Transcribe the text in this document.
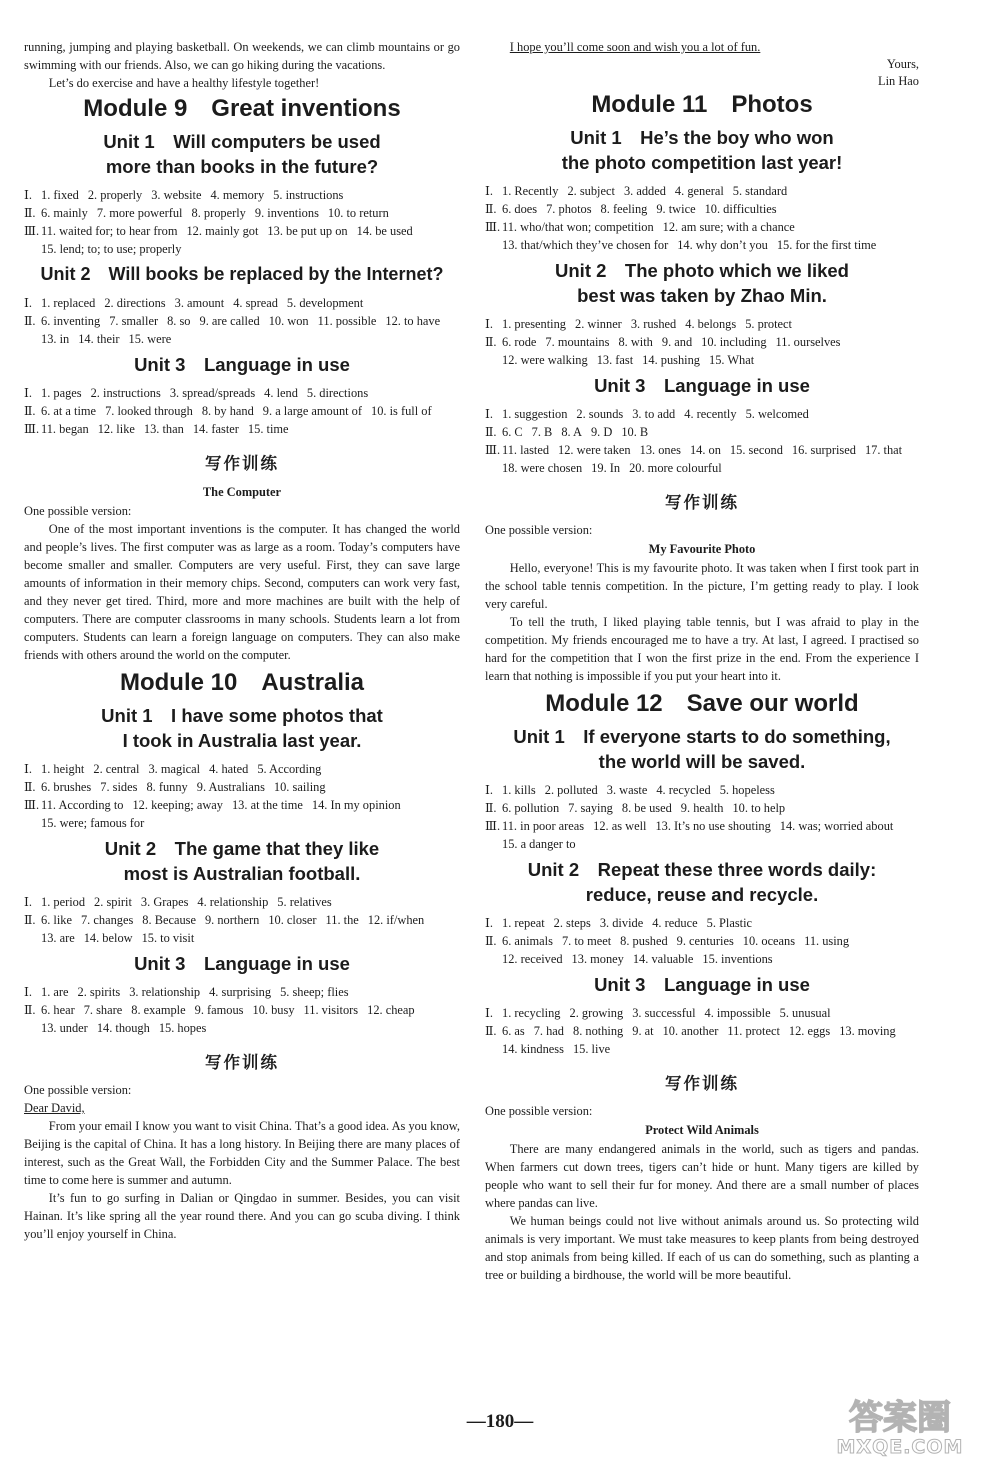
running, jumping and playing basketball. On weekends, we can climb mountains or go swimming with our friends. Also, we can go hiking during the vacations.

Let’s do exercise and have a healthy lifestyle together!

Module 9　Great inventions
Unit 1　Will computers be used
more than books in the future?
Ⅰ. 1. fixed 2. properly 3. website 4. memory 5. instructions
Ⅱ. 6. mainly 7. more powerful 8. properly 9. inventions 10. to return
Ⅲ. 11. waited for; to hear from 12. mainly got 13. be put up on 14. be used15. lend; to; to use; properly
Unit 2　Will books be replaced by the Internet?
Ⅰ. 1. replaced 2. directions 3. amount 4. spread 5. development
Ⅱ. 6. inventing 7. smaller 8. so 9. are called 10. won 11. possible 12. to have13. in 14. their 15. were
Unit 3　Language in use
Ⅰ. 1. pages 2. instructions 3. spread/spreads 4. lend 5. directions
Ⅱ. 6. at a time 7. looked through 8. by hand 9. a large amount of 10. is full of
Ⅲ. 11. began 12. like 13. than 14. faster 15. time
写作训练
The Computer

One possible version:

One of the most important inventions is the computer. It has changed the world and people’s lives. The first computer was as large as a room. Today’s computers have become smaller and smaller. Computers are very useful. First, they can save large amounts of information in their memory chips. Second, computers can work very fast, and they never get tired. Third, more and more machines are built with the help of computers. There are computer classrooms in many schools. Students learn a lot from computers. Students can learn a foreign language on computers. They can also make friends with others around the world on the computer.

Module 10　Australia
Unit 1　I have some photos that
I took in Australia last year.
Ⅰ. 1. height 2. central 3. magical 4. hated 5. According
Ⅱ. 6. brushes 7. sides 8. funny 9. Australians 10. sailing
Ⅲ. 11. According to 12. keeping; away 13. at the time 14. In my opinion15. were; famous for
Unit 2　The game that they like
most is Australian football.
Ⅰ. 1. period 2. spirit 3. Grapes 4. relationship 5. relatives
Ⅱ. 6. like 7. changes 8. Because 9. northern 10. closer 11. the 12. if/when13. are 14. below 15. to visit
Unit 3　Language in use
Ⅰ. 1. are 2. spirits 3. relationship 4. surprising 5. sheep; flies
Ⅱ. 6. hear 7. share 8. example 9. famous 10. busy 11. visitors 12. cheap13. under 14. though 15. hopes
写作训练

One possible version:

Dear David,

From your email I know you want to visit China. That’s a good idea. As you know, Beijing is the capital of China. It has a long history. In Beijing there are many places of interest, such as the Great Wall, the Forbidden City and the Summer Palace. The best time to come here is summer and autumn.

It’s fun to go surfing in Dalian or Qingdao in summer. Besides, you can visit Hainan. It’s like spring all the year round there. And you can go scuba diving. I think you’ll enjoy yourself in China.

I hope you’ll come soon and wish you a lot of fun.

Yours,
Lin Hao
Module 11　Photos
Unit 1　He’s the boy who won
the photo competition last year!
Ⅰ. 1. Recently 2. subject 3. added 4. general 5. standard
Ⅱ. 6. does 7. photos 8. feeling 9. twice 10. difficulties
Ⅲ. 11. who/that won; competition 12. am sure; with a chance13. that/which they’ve chosen for 14. why don’t you 15. for the first time
Unit 2　The photo which we liked
best was taken by Zhao Min.
Ⅰ. 1. presenting 2. winner 3. rushed 4. belongs 5. protect
Ⅱ. 6. rode 7. mountains 8. with 9. and 10. including 11. ourselves12. were walking 13. fast 14. pushing 15. What
Unit 3　Language in use
Ⅰ. 1. suggestion 2. sounds 3. to add 4. recently 5. welcomed
Ⅱ. 6. C 7. B 8. A 9. D 10. B
Ⅲ. 11. lasted 12. were taken 13. ones 14. on 15. second 16. surprised 17. that18. were chosen 19. In 20. more colourful
写作训练

One possible version:

My Favourite Photo

Hello, everyone! This is my favourite photo. It was taken when I first took part in the school table tennis competition. In the picture, I’m getting ready to play. I look very careful.

To tell the truth, I liked playing table tennis, but I was afraid to play in the competition. My friends encouraged me to have a try. At last, I agreed. I practised so hard for the competition that I won the first prize in the end. From the experience I learn that nothing is impossible if you put your heart into it.

Module 12　Save our world
Unit 1　If everyone starts to do something,
the world will be saved.
Ⅰ. 1. kills 2. polluted 3. waste 4. recycled 5. hopeless
Ⅱ. 6. pollution 7. saying 8. be used 9. health 10. to help
Ⅲ. 11. in poor areas 12. as well 13. It’s no use shouting 14. was; worried about15. a danger to
Unit 2　Repeat these three words daily:
reduce, reuse and recycle.
Ⅰ. 1. repeat 2. steps 3. divide 4. reduce 5. Plastic
Ⅱ. 6. animals 7. to meet 8. pushed 9. centuries 10. oceans 11. using12. received 13. money 14. valuable 15. inventions
Unit 3　Language in use
Ⅰ. 1. recycling 2. growing 3. successful 4. impossible 5. unusual
Ⅱ. 6. as 7. had 8. nothing 9. at 10. another 11. protect 12. eggs 13. moving14. kindness 15. live
写作训练

One possible version:

Protect Wild Animals

There are many endangered animals in the world, such as tigers and pandas. When farmers cut down trees, tigers can’t hide or hunt. Many tigers are killed by people who want to sell their fur for money. And there are a small number of places where pandas can live.

We human beings could not live without animals around us. So protecting wild animals is very important. We must take measures to keep plants from being destroyed and stop animals from being killed. If each of us can do something, such as planting a tree or building a birdhouse, the world will be more beautiful.

—180—	答案圈
MXQE.COM
